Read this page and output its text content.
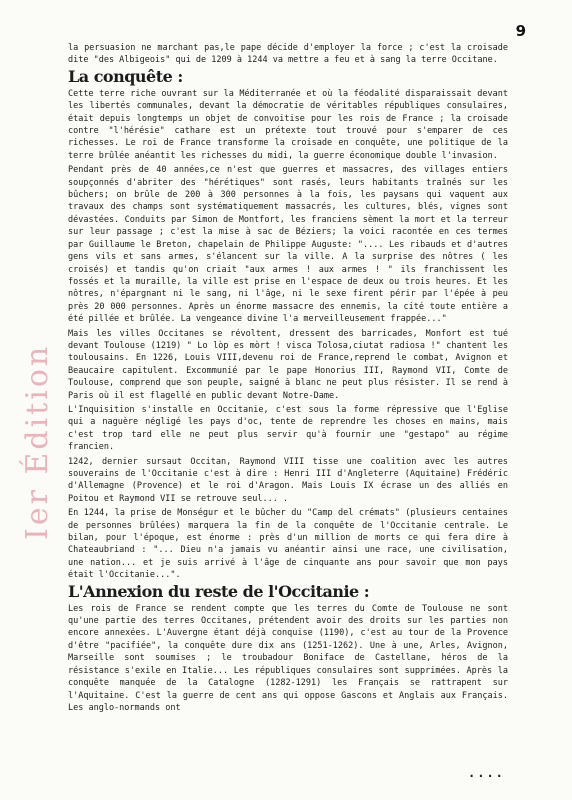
9
Ier Édition

la persuasion ne marchant pas,le pape décide d'employer la force ; c'est la croisade dite "des Albigeois" qui de 1209 à 1244 va mettre a feu et à sang la terre Occitane.

La conquête :

Cette terre riche ouvrant sur la Méditerranée et où la féodalité disparaissait devant les libertés communales, devant la démocratie de véritables républiques consulaires, était depuis longtemps un objet de convoitise pour les rois de France ; la croisade contre "l'hérésie" cathare est un prétexte tout trouvé pour s'emparer de ces richesses. Le roi de France transforme la croisade en conquête, une politique de la terre brûlée anéantit les richesses du midi, la guerre économique double l'invasion.

Pendant près de 40 années,ce n'est que guerres et massacres, des villages entiers soupçonnés d'abriter des "hérétiques" sont rasés, leurs habitants traînés sur les bûchers; on brûle de 200 à 300 personnes à la fois, les paysans qui vaquent aux travaux des champs sont systématiquement massacrés, les cultures, blés, vignes sont dévastées. Conduits par Simon de Montfort, les franciens sèment la mort et la terreur sur leur passage ; c'est la mise à sac de Béziers; la voici racontée en ces termes par Guillaume le Breton, chapelain de Philippe Auguste: ".... Les ribauds et d'autres gens vils et sans armes, s'élancent sur la ville. A la surprise des nôtres ( les croisés) et tandis qu'on criait "aux armes ! aux armes ! " ils franchissent les fossés et la muraille, la ville est prise en l'espace de deux ou trois heures. Et les nôtres, n'épargnant ni le sang, ni l'âge, ni le sexe firent périr par l'épée à peu près 20 000 personnes. Après un énorme massacre des ennemis, la cité toute entière a été pillée et brûlée. La vengeance divine l'a merveilleusement frappée..."

Mais les villes Occitanes se révoltent, dressent des barricades, Monfort est tué devant Toulouse (1219) " Lo lòp es mòrt ! visca Tolosa,ciutat radiosa !" chantent les toulousains. En 1226, Louis VIII,devenu roi de France,reprend le combat, Avignon et Beaucaire capitulent. Excommunié par le pape Honorius III, Raymond VII, Comte de Toulouse, comprend que son peuple, saigné à blanc ne peut plus résister. Il se rend à Paris où il est flagellé en public devant Notre-Dame.

L'Inquisition s'installe en Occitanie, c'est sous la forme répressive que l'Eglise qui a naguère négligé les pays d'oc, tente de reprendre les choses en mains, mais c'est trop tard elle ne peut plus servir qu'à fournir une "gestapo" au régime francien.

1242, dernier sursaut Occitan, Raymond VIII tisse une coalition avec les autres souverains de l'Occitanie c'est à dire : Henri III d'Angleterre (Aquitaine) Frédéric d'Allemagne (Provence) et le roi d'Aragon. Mais Louis IX écrase un des alliés en Poitou et Raymond VII se retrouve seul... .

En 1244, la prise de Monségur et le bûcher du "Camp del crémats" (plusieurs centaines de personnes brûlées) marquera la fin de la conquête de l'Occitanie centrale. Le bilan, pour l'époque, est énorme : près d'un million de morts ce qui fera dire à Chateaubriand : "... Dieu n'a jamais vu anéantir ainsi une race, une civilisation, une nation... et je suis arrivé à l'âge de cinquante ans pour savoir que mon pays était l'Occitanie...".

L'Annexion du reste de l'Occitanie :

Les rois de France se rendent compte que les terres du Comte de Toulouse ne sont qu'une partie des terres Occitanes, prétendent avoir des droits sur les parties non encore annexées. L'Auvergne étant déjà conquise (1190), c'est au tour de la Provence d'être "pacifiée", la conquête dure dix ans (1251-1262). Une à une, Arles, Avignon, Marseille sont soumises ; le troubadour Boniface de Castellane, héros de la résistance s'exile en Italie... Les républiques consulaires sont supprimées. Après la conquête manquée de la Catalogne (1282-1291) les Français se rattrapent sur l'Aquitaine. C'est la guerre de cent ans qui oppose Gascons et Anglais aux Français. Les anglo-normands ont

....
